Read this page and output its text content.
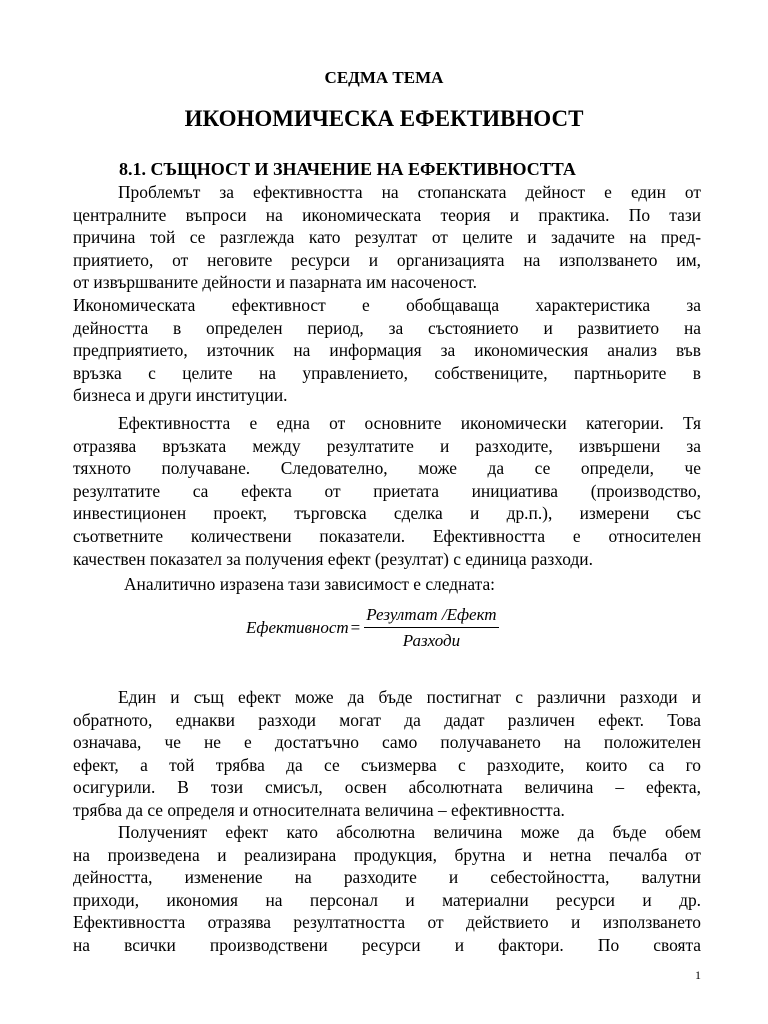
СЕДМА ТЕМА
ИКОНОМИЧЕСКА ЕФЕКТИВНОСТ
8.1. СЪЩНОСТ И ЗНАЧЕНИЕ НА ЕФЕКТИВНОСТТА
Проблемът за ефективността на стопанската дейност е един от
централните въпроси на икономическата теория и практика. По тази
причина той се разглежда като резултат от целите и задачите на пред-
приятието, от неговите ресурси и организацията на използването им,
от извършваните дейности и пазарната им насоченост.
Икономическата ефективност е обобщаваща характеристика за
дейността в определен период, за състоянието и развитието на
предприятието, източник на информация за икономическия анализ във
връзка с целите на управлението, собствениците, партньорите в
бизнеса и други институции.
Ефективността е една от основните икономически категории. Тя
отразява връзката между резултатите и разходите, извършени за
тяхното получаване. Следователно, може да се определи, че
резултатите са ефекта от приетата инициатива (производство,
инвестиционен проект, търговска сделка и др.п.), измерени със
съответните количествени показатели. Ефективността е относителен
качествен показател за получения ефект (резултат) с единица разходи.
Аналитично изразена тази зависимост е следната:
Ефективност = $\frac{\text{Резултат /Ефект}}{\text{Разходи}}$
Един и същ ефект може да бъде постигнат с различни разходи и
обратното, еднакви разходи могат да дадат различен ефект. Това
означава, че не е достатъчно само получаването на положителен
ефект, а той трябва да се съизмерва с разходите, които са го
осигурили. В този смисъл, освен абсолютната величина – ефекта,
трябва да се определя и относителната величина – ефективността.
Полученият ефект като абсолютна величина може да бъде обем
на произведена и реализирана продукция, брутна и нетна печалба от
дейността, изменение на разходите и себестойността, валутни
приходи, икономия на персонал и материални ресурси и др.
Ефективността отразява резултатността от действието и използването
на всички производствени ресурси и фактори. По своята
1
